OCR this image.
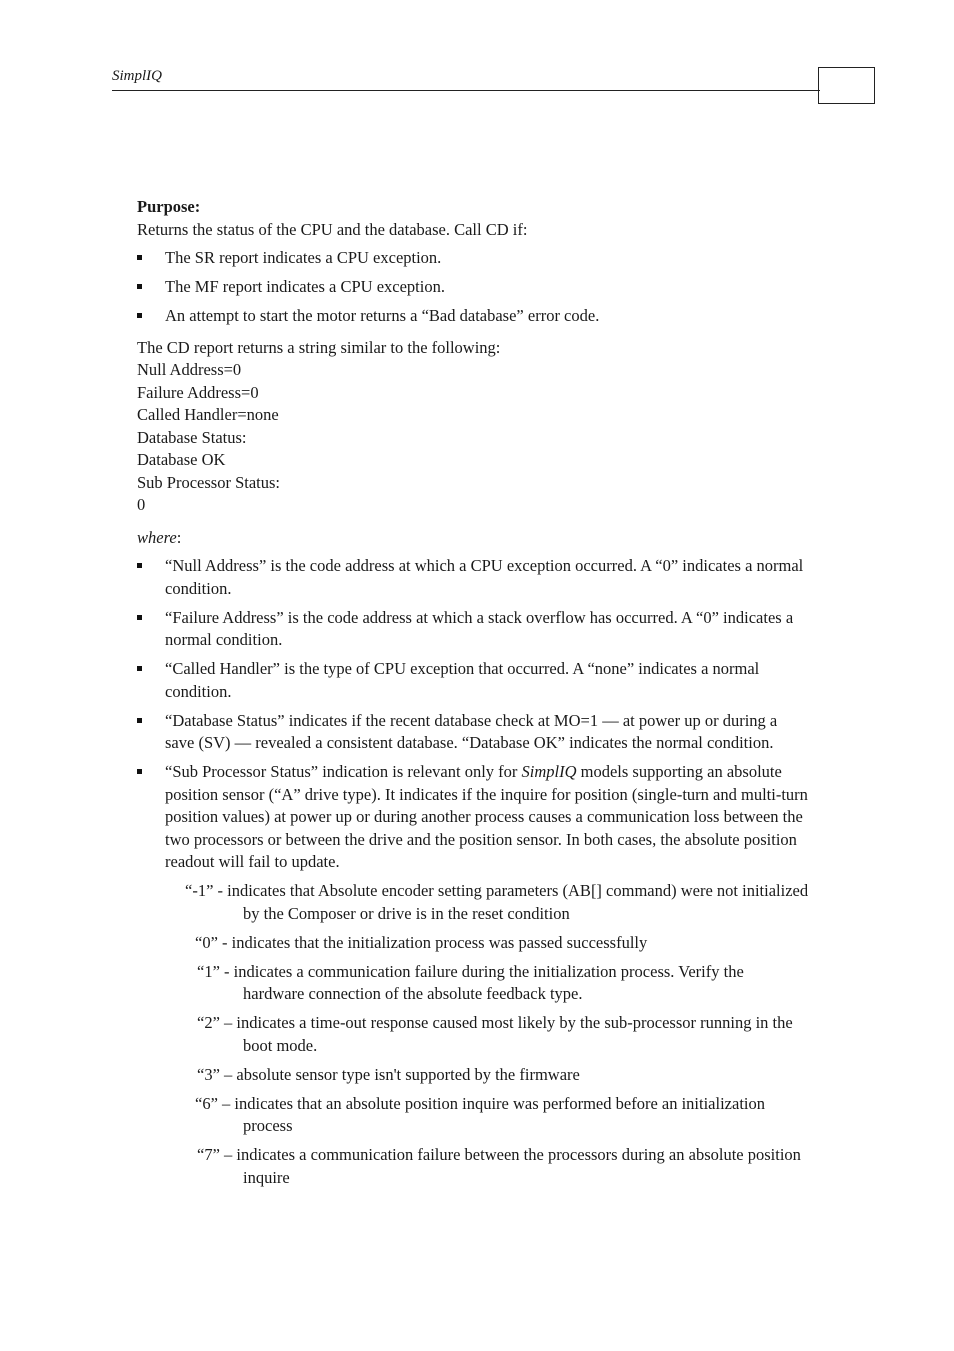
SimplIQ

Purpose:

Returns the status of the CPU and the database. Call CD if:

The SR report indicates a CPU exception.
The MF report indicates a CPU exception.
An attempt to start the motor returns a “Bad database” error code.

The CD report returns a string similar to the following:

Null Address=0

Failure Address=0

Called Handler=none

Database Status:

Database OK

Sub Processor Status:

0

where:

“Null Address” is the code address at which a CPU exception occurred. A “0” indicates a normal condition.
“Failure Address” is the code address at which a stack overflow has occurred. A “0” indicates a normal condition.
“Called Handler” is the type of CPU exception that occurred. A “none” indicates a normal condition.
“Database Status” indicates if the recent database check at MO=1 — at power up or during a save (SV) — revealed a consistent database. “Database OK” indicates the normal condition.
“Sub Processor Status” indication is relevant only for SimplIQ models supporting an absolute position sensor (“A” drive type). It indicates if the inquire for position (single-turn and multi-turn position values) at power up or during another process causes a communication loss between the two processors or between the drive and the position sensor. In both cases, the absolute position readout will fail to update.
“-1” - indicates that Absolute encoder setting parameters (AB[] command) were not initialized by the Composer or drive is in the reset condition
“0” - indicates that the initialization process was passed successfully
“1” - indicates a communication failure during the initialization process. Verify the hardware connection of the absolute feedback type.
“2” – indicates a time-out response caused most likely by the sub-processor running in the boot mode.
“3” – absolute sensor type isn't supported by the firmware
“6” – indicates that an absolute position inquire was performed before an initialization process
“7” – indicates a communication failure between the processors during an absolute position inquire
